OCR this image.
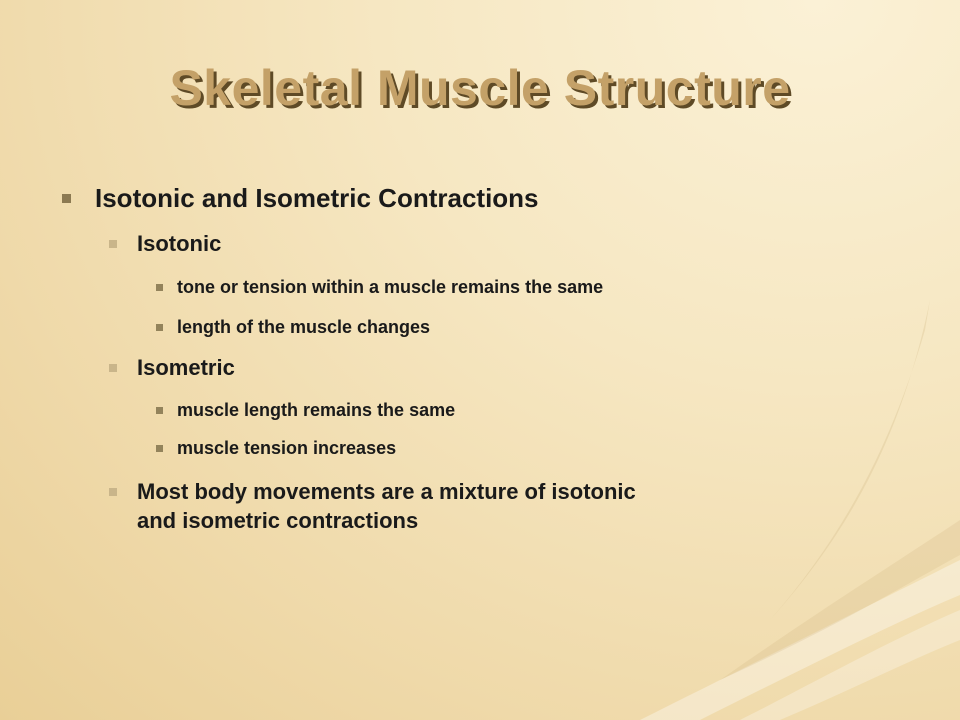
Skeletal Muscle Structure
Isotonic and Isometric Contractions
Isotonic
tone or tension within a muscle remains the same
length of the muscle changes
Isometric
muscle length remains the same
muscle tension increases
Most body movements are a mixture of isotonic
and isometric contractions
